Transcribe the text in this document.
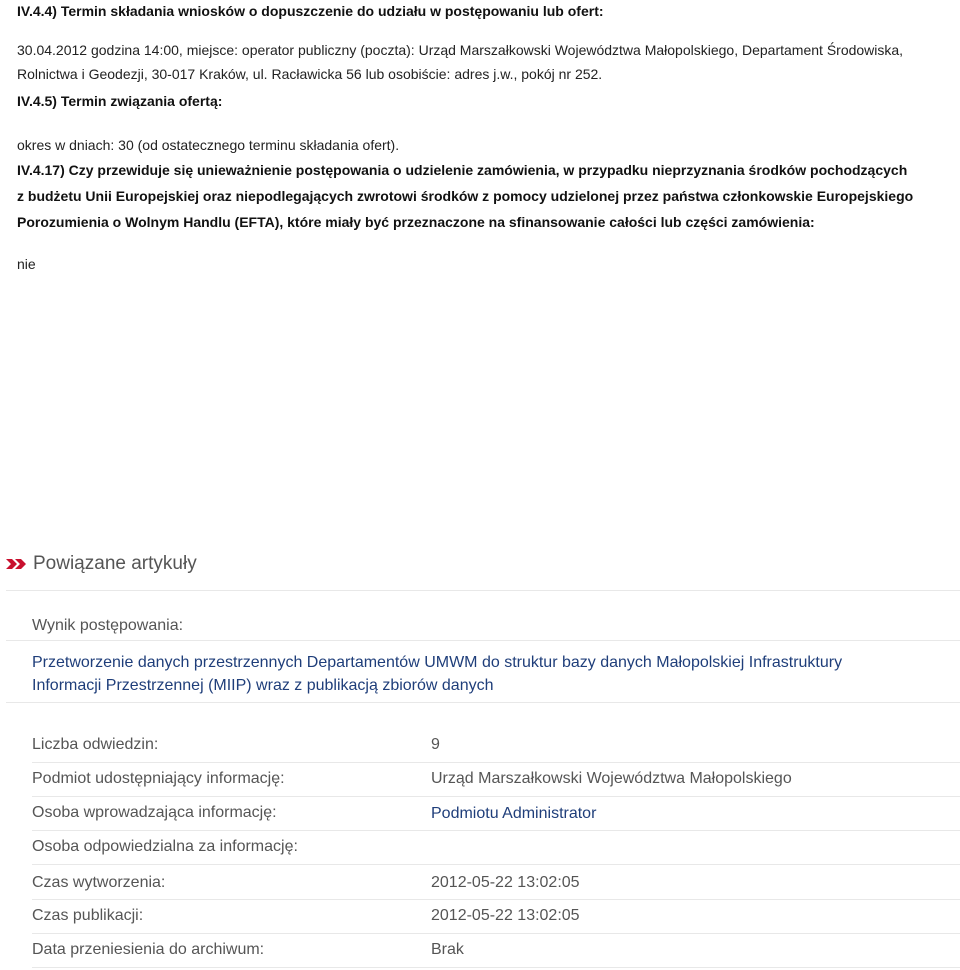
IV.4.4) Termin składania wniosków o dopuszczenie do udziału w postępowaniu lub ofert:
30.04.2012 godzina 14:00, miejsce: operator publiczny (poczta): Urząd Marszałkowski Województwa Małopolskiego, Departament Środowiska,
Rolnictwa i Geodezji, 30-017 Kraków, ul. Racławicka 56 lub osobiście: adres j.w., pokój nr 252.
IV.4.5) Termin związania ofertą:
okres w dniach: 30 (od ostatecznego terminu składania ofert).
IV.4.17) Czy przewiduje się unieważnienie postępowania o udzielenie zamówienia, w przypadku nieprzyznania środków pochodzących
z budżetu Unii Europejskiej oraz niepodlegających zwrotowi środków z pomocy udzielonej przez państwa członkowskie Europejskiego
Porozumienia o Wolnym Handlu (EFTA), które miały być przeznaczone na sfinansowanie całości lub części zamówienia:
nie
Powiązane artykuły
Wynik postępowania:
Przetworzenie danych przestrzennych Departamentów UMWM do struktur bazy danych Małopolskiej Infrastruktury
Informacji Przestrzennej (MIIP) wraz z publikacją zbiorów danych
Liczba odwiedzin:	9
Podmiot udostępniający informację:	Urząd Marszałkowski Województwa Małopolskiego
Osoba wprowadzająca informację:	Podmiotu Administrator
Osoba odpowiedzialna za informację:
Czas wytworzenia:	2012-05-22 13:02:05
Czas publikacji:	2012-05-22 13:02:05
Data przeniesienia do archiwum:	Brak
